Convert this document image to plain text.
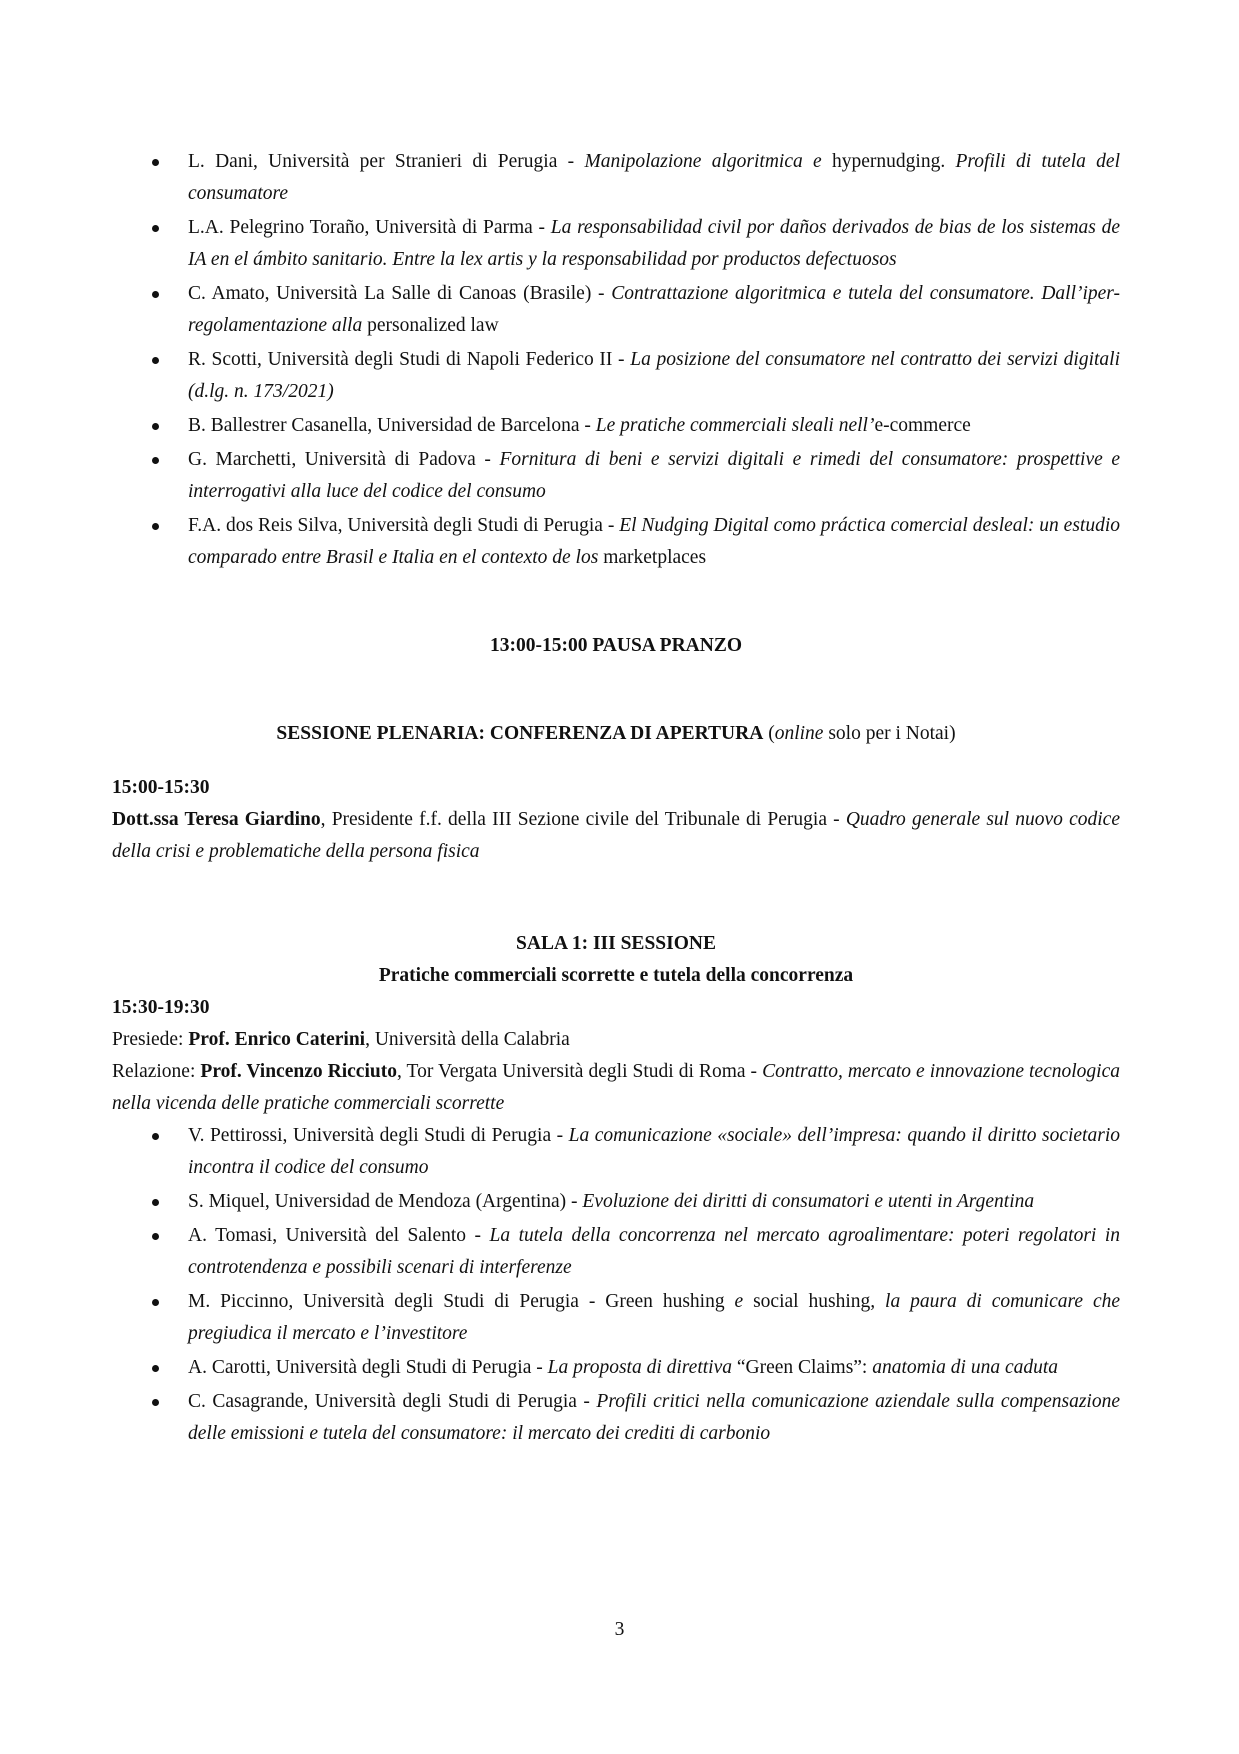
L. Dani, Università per Stranieri di Perugia - Manipolazione algoritmica e hypernudging. Profili di tutela del consumatore
L.A. Pelegrino Toraño, Università di Parma - La responsabilidad civil por daños derivados de bias de los sistemas de IA en el ámbito sanitario. Entre la lex artis y la responsabilidad por productos defectuosos
C. Amato, Università La Salle di Canoas (Brasile) - Contrattazione algoritmica e tutela del consumatore. Dall’iper-regolamentazione alla personalized law
R. Scotti, Università degli Studi di Napoli Federico II - La posizione del consumatore nel contratto dei servizi digitali (d.lg. n. 173/2021)
B. Ballestrer Casanella, Universidad de Barcelona - Le pratiche commerciali sleali nell’e-commerce
G. Marchetti, Università di Padova - Fornitura di beni e servizi digitali e rimedi del consumatore: prospettive e interrogativi alla luce del codice del consumo
F.A. dos Reis Silva, Università degli Studi di Perugia - El Nudging Digital como práctica comercial desleal: un estudio comparado entre Brasil e Italia en el contexto de los marketplaces
13:00-15:00 PAUSA PRANZO
SESSIONE PLENARIA: CONFERENZA DI APERTURA (online solo per i Notai)
15:00-15:30
Dott.ssa Teresa Giardino, Presidente f.f. della III Sezione civile del Tribunale di Perugia - Quadro generale sul nuovo codice della crisi e problematiche della persona fisica
SALA 1: III SESSIONE
Pratiche commerciali scorrette e tutela della concorrenza
15:30-19:30
Presiede: Prof. Enrico Caterini, Università della Calabria
Relazione: Prof. Vincenzo Ricciuto, Tor Vergata Università degli Studi di Roma - Contratto, mercato e innovazione tecnologica nella vicenda delle pratiche commerciali scorrette
V. Pettirossi, Università degli Studi di Perugia - La comunicazione «sociale» dell’impresa: quando il diritto societario incontra il codice del consumo
S. Miquel, Universidad de Mendoza (Argentina) - Evoluzione dei diritti di consumatori e utenti in Argentina
A. Tomasi, Università del Salento - La tutela della concorrenza nel mercato agroalimentare: poteri regolatori in controtendenza e possibili scenari di interferenze
M. Piccinno, Università degli Studi di Perugia - Green hushing e social hushing, la paura di comunicare che pregiudica il mercato e l’investitore
A. Carotti, Università degli Studi di Perugia - La proposta di direttiva “Green Claims”: anatomia di una caduta
C. Casagrande, Università degli Studi di Perugia - Profili critici nella comunicazione aziendale sulla compensazione delle emissioni e tutela del consumatore: il mercato dei crediti di carbonio
3
